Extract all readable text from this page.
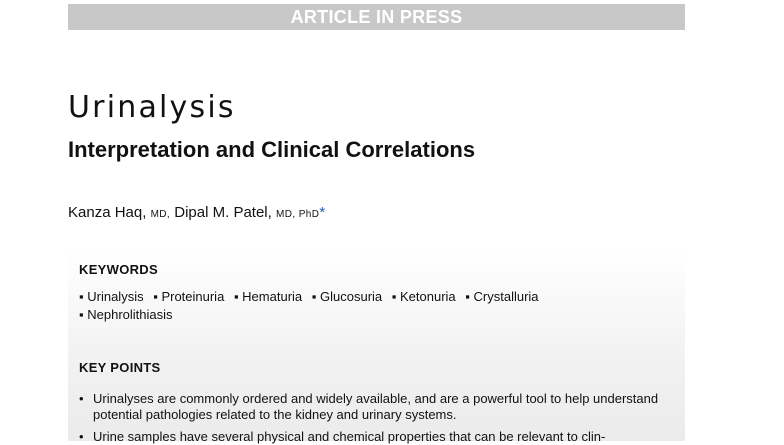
ARTICLE IN PRESS
Urinalysis
Interpretation and Clinical Correlations
Kanza Haq, MD, Dipal M. Patel, MD, PhD*
KEYWORDS
▪ Urinalysis ▪ Proteinuria ▪ Hematuria ▪ Glucosuria ▪ Ketonuria ▪ Crystalluria
▪ Nephrolithiasis
KEY POINTS
• Urinalyses are commonly ordered and widely available, and are a powerful tool to help understand potential pathologies related to the kidney and urinary systems.
• Urine samples have several physical and chemical properties that can be relevant to clin-
